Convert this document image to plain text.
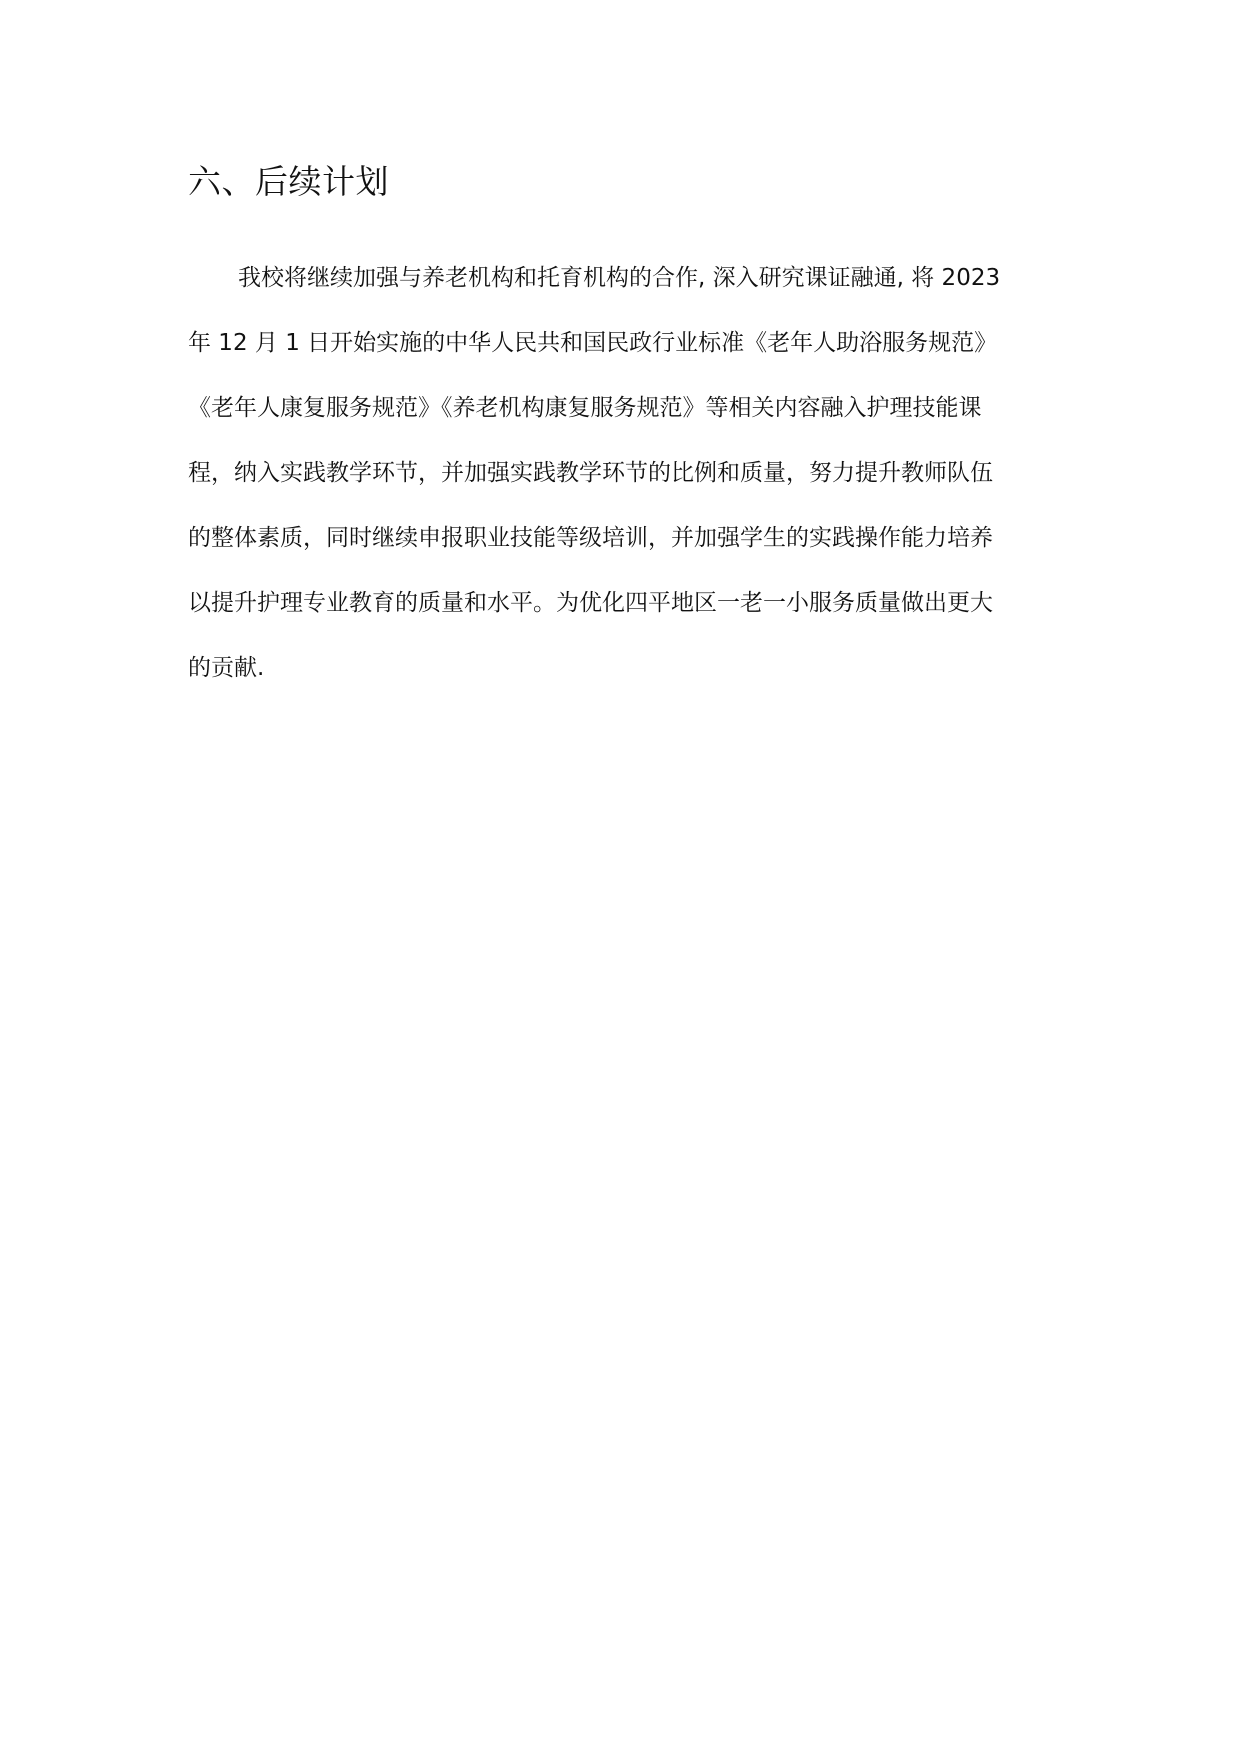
六、后续计划

我校将继续加强与养老机构和托育机构的合作, 深入研究课证融通, 将 2023

年 12 月 1 日开始实施的中华人民共和国民政行业标准《老年人助浴服务规范》

《老年人康复服务规范》《养老机构康复服务规范》等相关内容融入护理技能课

程，纳入实践教学环节，并加强实践教学环节的比例和质量，努力提升教师队伍

的整体素质，同时继续申报职业技能等级培训，并加强学生的实践操作能力培养

以提升护理专业教育的质量和水平。为优化四平地区一老一小服务质量做出更大

的贡献.
